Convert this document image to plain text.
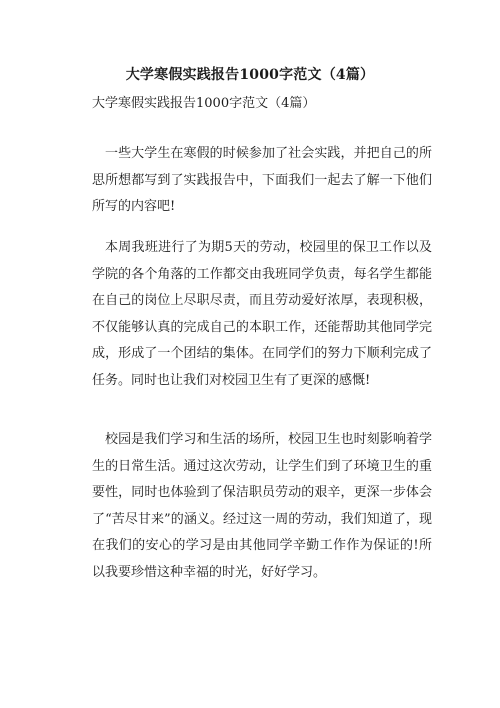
大学寒假实践报告1000字范文（4篇）
大学寒假实践报告1000字范文（4篇）
一些大学生在寒假的时候参加了社会实践，并把自己的所思所想都写到了实践报告中，下面我们一起去了解一下他们所写的内容吧!
本周我班进行了为期5天的劳动，校园里的保卫工作以及学院的各个角落的工作都交由我班同学负责，每名学生都能在自己的岗位上尽职尽责，而且劳动爱好浓厚，表现积极，不仅能够认真的完成自己的本职工作，还能帮助其他同学完成，形成了一个团结的集体。在同学们的努力下顺利完成了任务。同时也让我们对校园卫生有了更深的感慨!
校园是我们学习和生活的场所，校园卫生也时刻影响着学生的日常生活。通过这次劳动，让学生们到了环境卫生的重要性，同时也体验到了保洁职员劳动的艰辛，更深一步体会了“苦尽甘来”的涵义。经过这一周的劳动，我们知道了，现在我们的安心的学习是由其他同学辛勤工作作为保证的!所以我要珍惜这种幸福的时光，好好学习。
